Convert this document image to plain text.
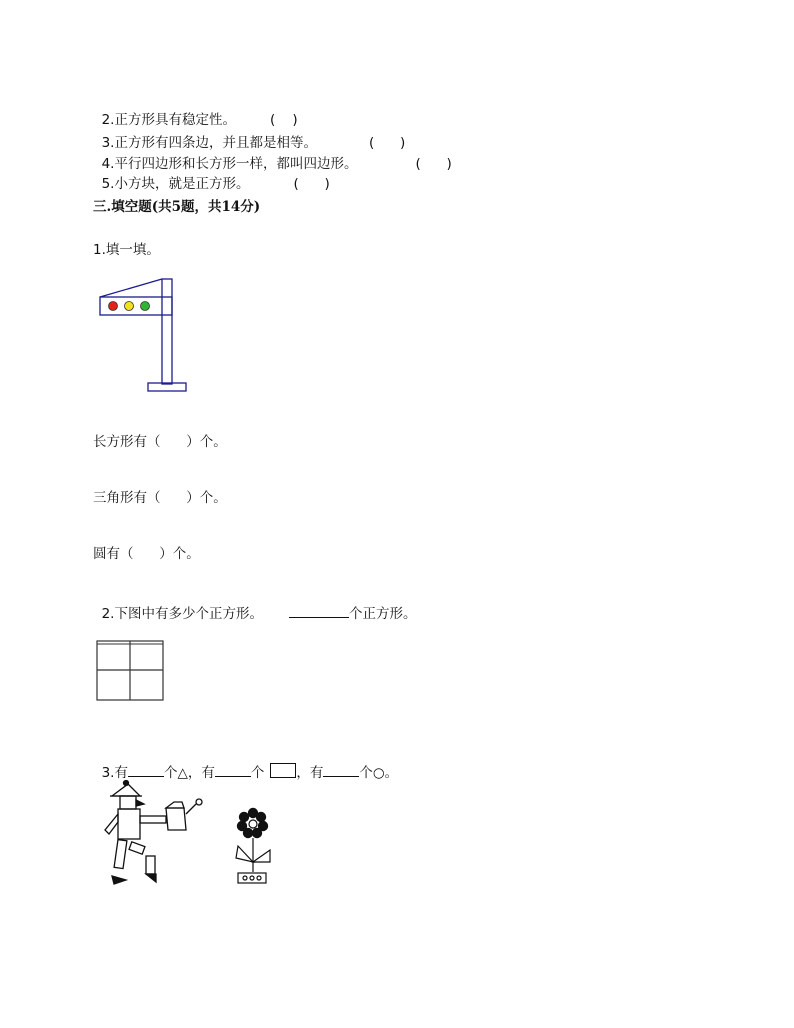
2.正方形具有稳定性。	(    )

3.正方形有四条边，并且都是相等。	(      )

4.平行四边形和长方形一样，都叫四边形。	(      )

5.小方块，就是正方形。	(      )

三.填空题(共5题，共14分)
1.填一填。
长方形有（      ）个。
三角形有（      ）个。
圆有（      ）个。

2.下图中有多少个正方形。	个正方形。

3.有	个△，有	个 ，有	个○。
